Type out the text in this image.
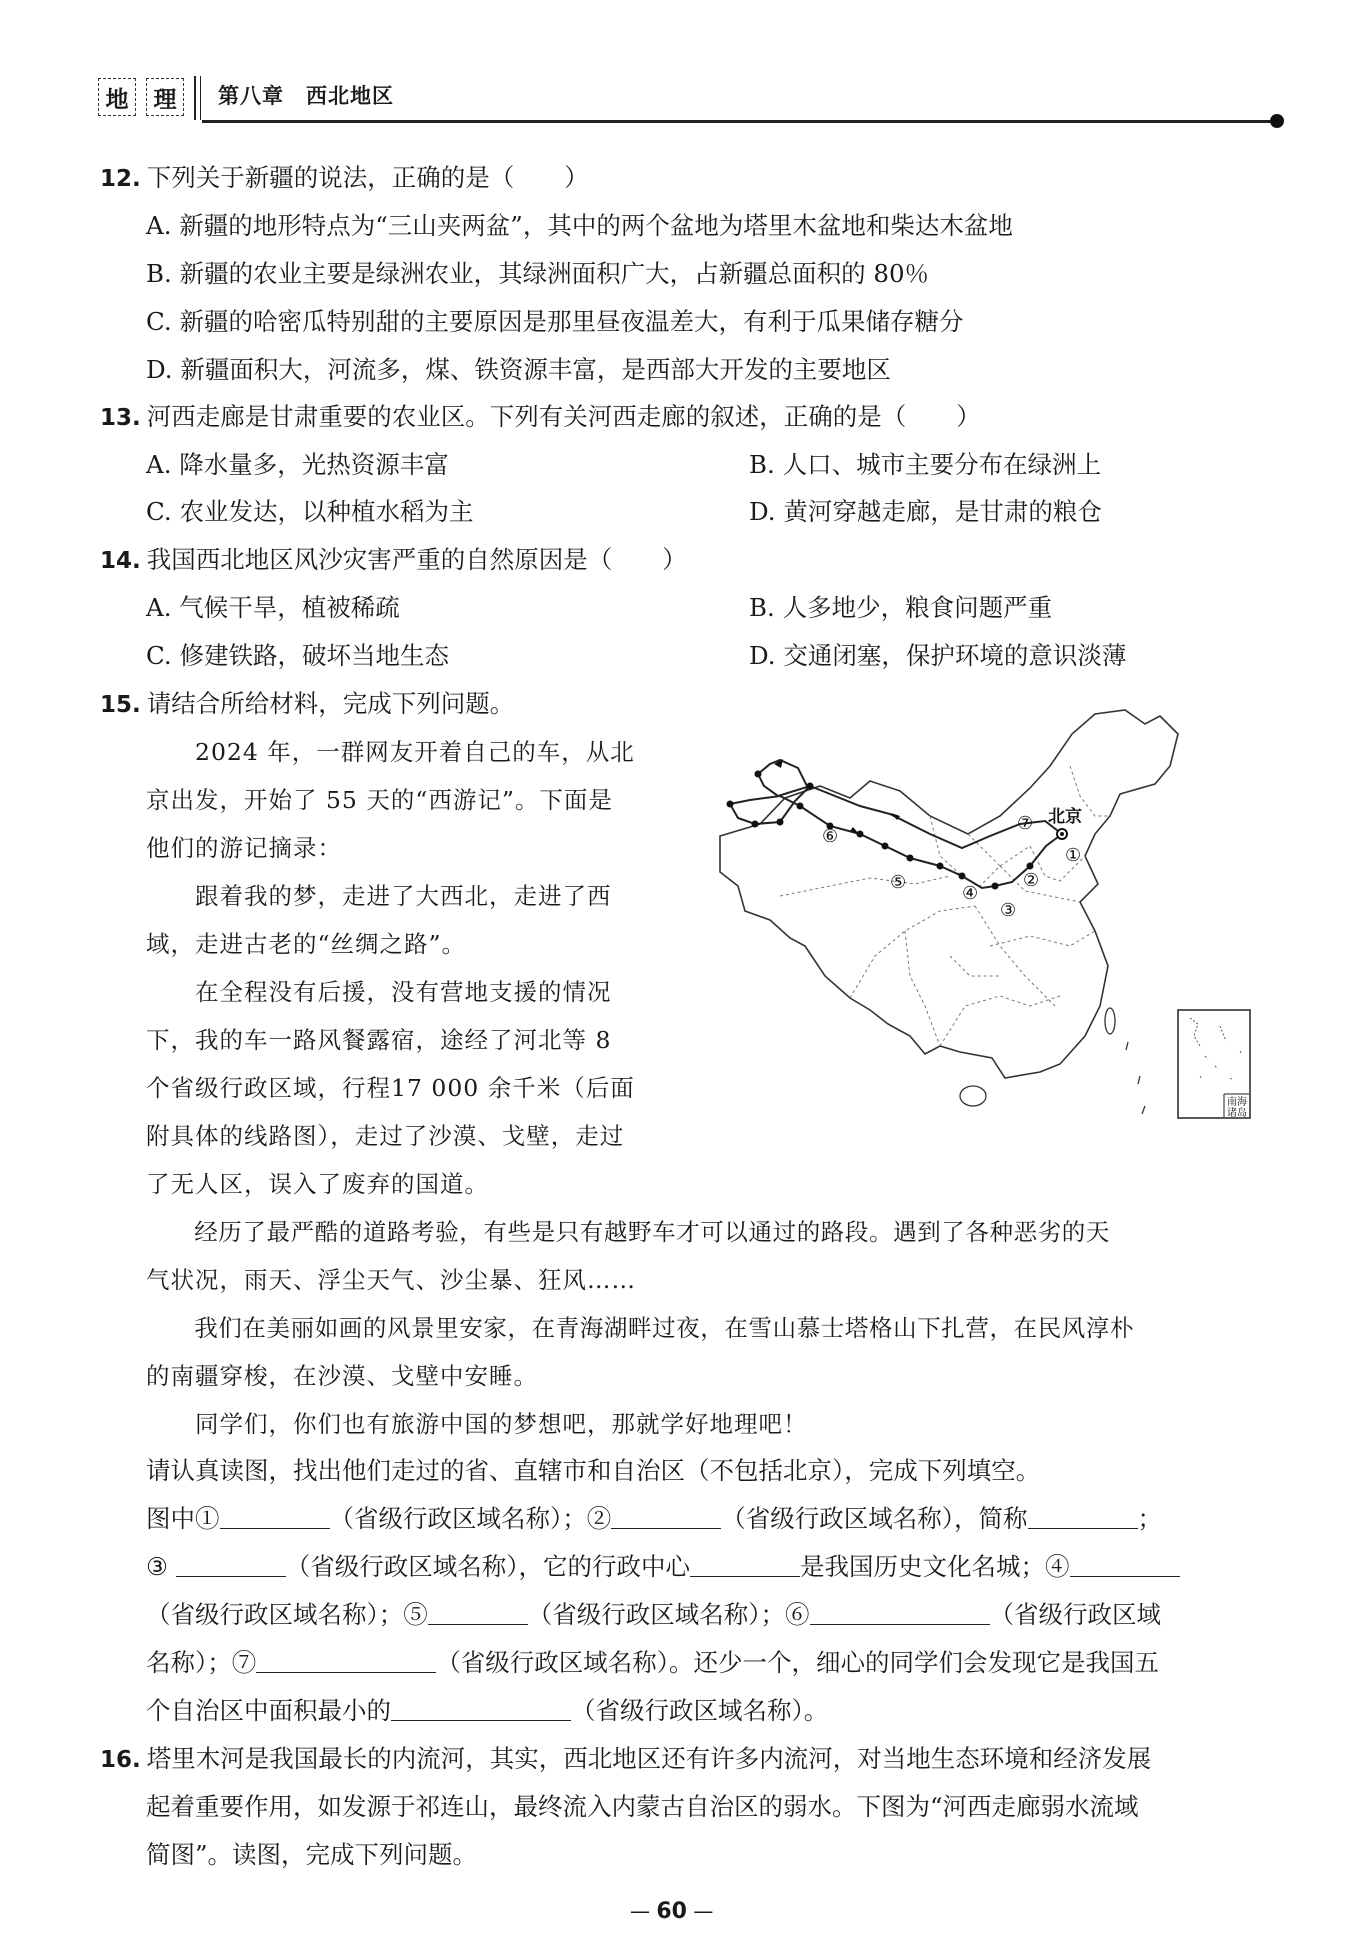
地	理	第八章　西北地区
12. 下列关于新疆的说法，正确的是（ ）
A. 新疆的地形特点为“三山夹两盆”，其中的两个盆地为塔里木盆地和柴达木盆地
B. 新疆的农业主要是绿洲农业，其绿洲面积广大，占新疆总面积的 80％
C. 新疆的哈密瓜特别甜的主要原因是那里昼夜温差大，有利于瓜果储存糖分
D. 新疆面积大，河流多，煤、铁资源丰富，是西部大开发的主要地区
13. 河西走廊是甘肃重要的农业区。下列有关河西走廊的叙述，正确的是（ ）
A. 降水量多，光热资源丰富	B. 人口、城市主要分布在绿洲上
C. 农业发达，以种植水稻为主	D. 黄河穿越走廊，是甘肃的粮仓
14. 我国西北地区风沙灾害严重的自然原因是（ ）
A. 气候干旱，植被稀疏	B. 人多地少，粮食问题严重
C. 修建铁路，破坏当地生态	D. 交通闭塞，保护环境的意识淡薄
15. 请结合所给材料，完成下列问题。
　　2024 年，一群网友开着自己的车，从北
京出发，开始了 55 天的“西游记”。下面是
他们的游记摘录：
　　跟着我的梦，走进了大西北，走进了西
域，走进古老的“丝绸之路”。
　　在全程没有后援，没有营地支援的情况
下，我的车一路风餐露宿，途经了河北等 8
个省级行政区域，行程17 000 余千米（后面
附具体的线路图），走过了沙漠、戈壁，走过
了无人区，误入了废弃的国道。
　　经历了最严酷的道路考验，有些是只有越野车才可以通过的路段。遇到了各种恶劣的天
气状况，雨天、浮尘天气、沙尘暴、狂风……
　　我们在美丽如画的风景里安家，在青海湖畔过夜，在雪山慕士塔格山下扎营，在民风淳朴
的南疆穿梭，在沙漠、戈壁中安睡。
　　同学们，你们也有旅游中国的梦想吧，那就学好地理吧！
请认真读图，找出他们走过的省、直辖市和自治区（不包括北京），完成下列填空。
图中①	（省级行政区域名称）；②	（省级行政区域名称），简称	；
③	（省级行政区域名称），它的行政中心	是我国历史文化名城；④
（省级行政区域名称）；⑤	（省级行政区域名称）；⑥	（省级行政区域
名称）；⑦	（省级行政区域名称）。还少一个，细心的同学们会发现它是我国五
个自治区中面积最小的	（省级行政区域名称）。
北京
①
②
③
④
⑤
⑥
⑦
南海
诸岛
16. 塔里木河是我国最长的内流河，其实，西北地区还有许多内流河，对当地生态环境和经济发展
起着重要作用，如发源于祁连山，最终流入内蒙古自治区的弱水。下图为“河西走廊弱水流域
简图”。读图，完成下列问题。
— 60 —
